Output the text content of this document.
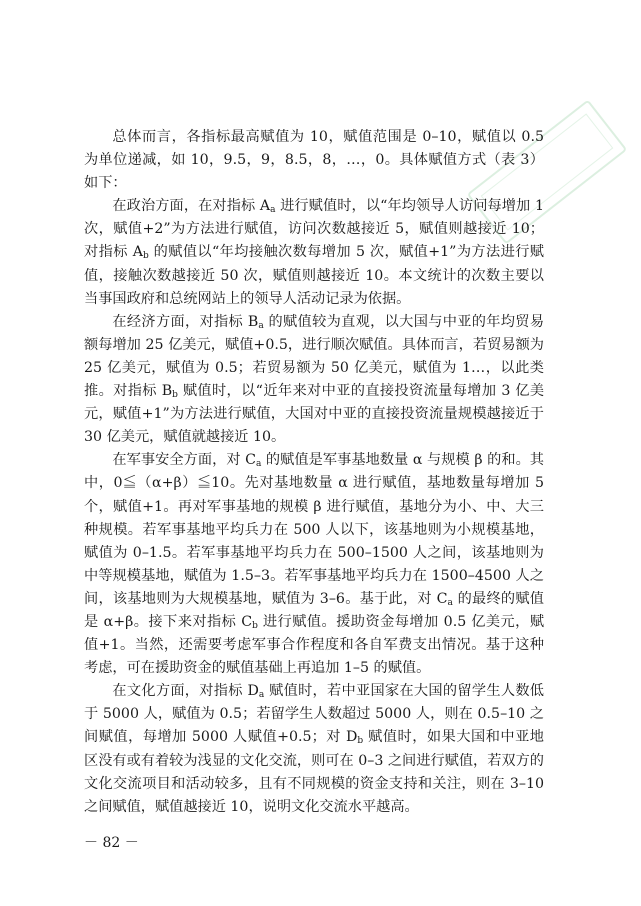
总体而言，各指标最高赋值为 10，赋值范围是 0–10，赋值以 0.5 为单位递减，如 10，9.5，9，8.5，8，…，0。具体赋值方式（表 3）如下：

在政治方面，在对指标 $A_a$ 进行赋值时，以“年均领导人访问每增加 1 次，赋值+2”为方法进行赋值，访问次数越接近 5，赋值则越接近 10；对指标 $A_b$ 的赋值以“年均接触次数每增加 5 次，赋值+1”为方法进行赋值，接触次数越接近 50 次，赋值则越接近 10。本文统计的次数主要以当事国政府和总统网站上的领导人活动记录为依据。

在经济方面，对指标 $B_a$ 的赋值较为直观，以大国与中亚的年均贸易额每增加 25 亿美元，赋值+0.5，进行顺次赋值。具体而言，若贸易额为 25 亿美元，赋值为 0.5；若贸易额为 50 亿美元，赋值为 1…，以此类推。对指标 $B_b$ 赋值时，以“近年来对中亚的直接投资流量每增加 3 亿美元，赋值+1”为方法进行赋值，大国对中亚的直接投资流量规模越接近于 30 亿美元，赋值就越接近 10。

在军事安全方面，对 $C_a$ 的赋值是军事基地数量 α 与规模 β 的和。其中，0≦（α+β）≦10。先对基地数量 α 进行赋值，基地数量每增加 5 个，赋值+1。再对军事基地的规模 β 进行赋值，基地分为小、中、大三种规模。若军事基地平均兵力在 500 人以下，该基地则为小规模基地，赋值为 0–1.5。若军事基地平均兵力在 500–1500 人之间，该基地则为中等规模基地，赋值为 1.5–3。若军事基地平均兵力在 1500–4500 人之间，该基地则为大规模基地，赋值为 3–6。基于此，对 $C_a$ 的最终的赋值是 α+β。接下来对指标 $C_b$ 进行赋值。援助资金每增加 0.5 亿美元，赋值+1。当然，还需要考虑军事合作程度和各自军费支出情况。基于这种考虑，可在援助资金的赋值基础上再追加 1–5 的赋值。

在文化方面，对指标 $D_a$ 赋值时，若中亚国家在大国的留学生人数低于 5000 人，赋值为 0.5；若留学生人数超过 5000 人，则在 0.5–10 之间赋值，每增加 5000 人赋值+0.5；对 $D_b$ 赋值时，如果大国和中亚地区没有或有着较为浅显的文化交流，则可在 0–3 之间进行赋值，若双方的文化交流项目和活动较多，且有不同规模的资金支持和关注，则在 3–10 之间赋值，赋值越接近 10，说明文化交流水平越高。

－ 82 －
